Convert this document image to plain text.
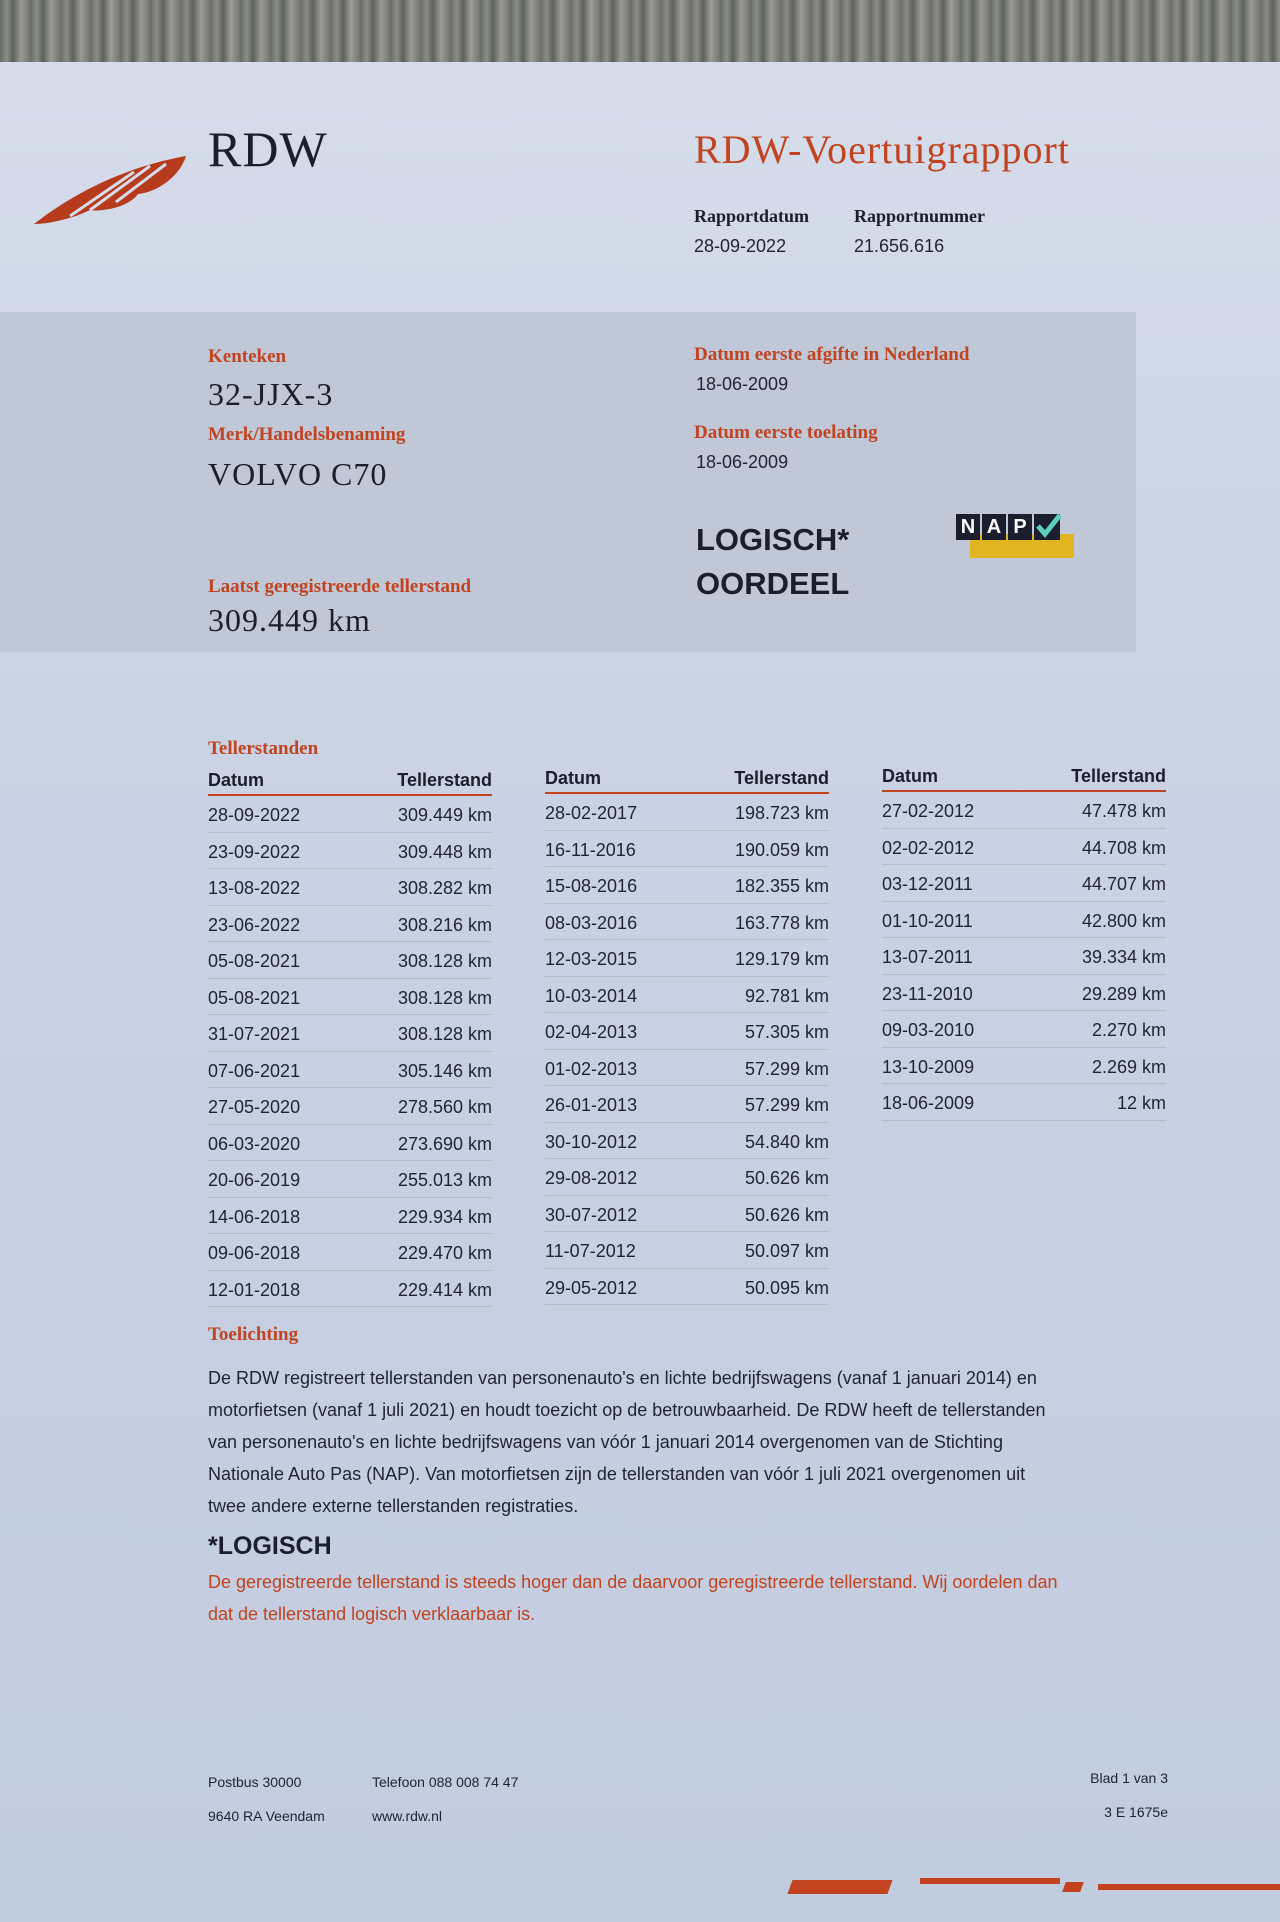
RDW	RDW-Voertuigrapport
Rapportdatum
28-09-2022
Rapportnummer
21.656.616
Kenteken
32-JJX-3
Merk/Handelsbenaming
VOLVO C70
Laatst geregistreerde tellerstand
309.449 km
Datum eerste afgifte in Nederland
18-06-2009
Datum eerste toelating
18-06-2009
LOGISCH*
OORDEEL
N A P
Tellerstanden
Datum	Tellerstand
28-09-2022	309.449 km
23-09-2022	309.448 km
13-08-2022	308.282 km
23-06-2022	308.216 km
05-08-2021	308.128 km
05-08-2021	308.128 km
31-07-2021	308.128 km
07-06-2021	305.146 km
27-05-2020	278.560 km
06-03-2020	273.690 km
20-06-2019	255.013 km
14-06-2018	229.934 km
09-06-2018	229.470 km
12-01-2018	229.414 km
Datum	Tellerstand
28-02-2017	198.723 km
16-11-2016	190.059 km
15-08-2016	182.355 km
08-03-2016	163.778 km
12-03-2015	129.179 km
10-03-2014	92.781 km
02-04-2013	57.305 km
01-02-2013	57.299 km
26-01-2013	57.299 km
30-10-2012	54.840 km
29-08-2012	50.626 km
30-07-2012	50.626 km
11-07-2012	50.097 km
29-05-2012	50.095 km
Datum	Tellerstand
27-02-2012	47.478 km
02-02-2012	44.708 km
03-12-2011	44.707 km
01-10-2011	42.800 km
13-07-2011	39.334 km
23-11-2010	29.289 km
09-03-2010	2.270 km
13-10-2009	2.269 km
18-06-2009	12 km
Toelichting
De RDW registreert tellerstanden van personenauto's en lichte bedrijfswagens (vanaf 1 januari 2014) en
motorfietsen (vanaf 1 juli 2021) en houdt toezicht op de betrouwbaarheid. De RDW heeft de tellerstanden
van personenauto's en lichte bedrijfswagens van vóór 1 januari 2014 overgenomen van de Stichting
Nationale Auto Pas (NAP). Van motorfietsen zijn de tellerstanden van vóór 1 juli 2021 overgenomen uit
twee andere externe tellerstanden registraties.
*LOGISCH
De geregistreerde tellerstand is steeds hoger dan de daarvoor geregistreerde tellerstand. Wij oordelen dan
dat de tellerstand logisch verklaarbaar is.
Postbus 30000
9640 RA Veendam
Telefoon 088 008 74 47
www.rdw.nl
Blad 1 van 3
3 E 1675e
